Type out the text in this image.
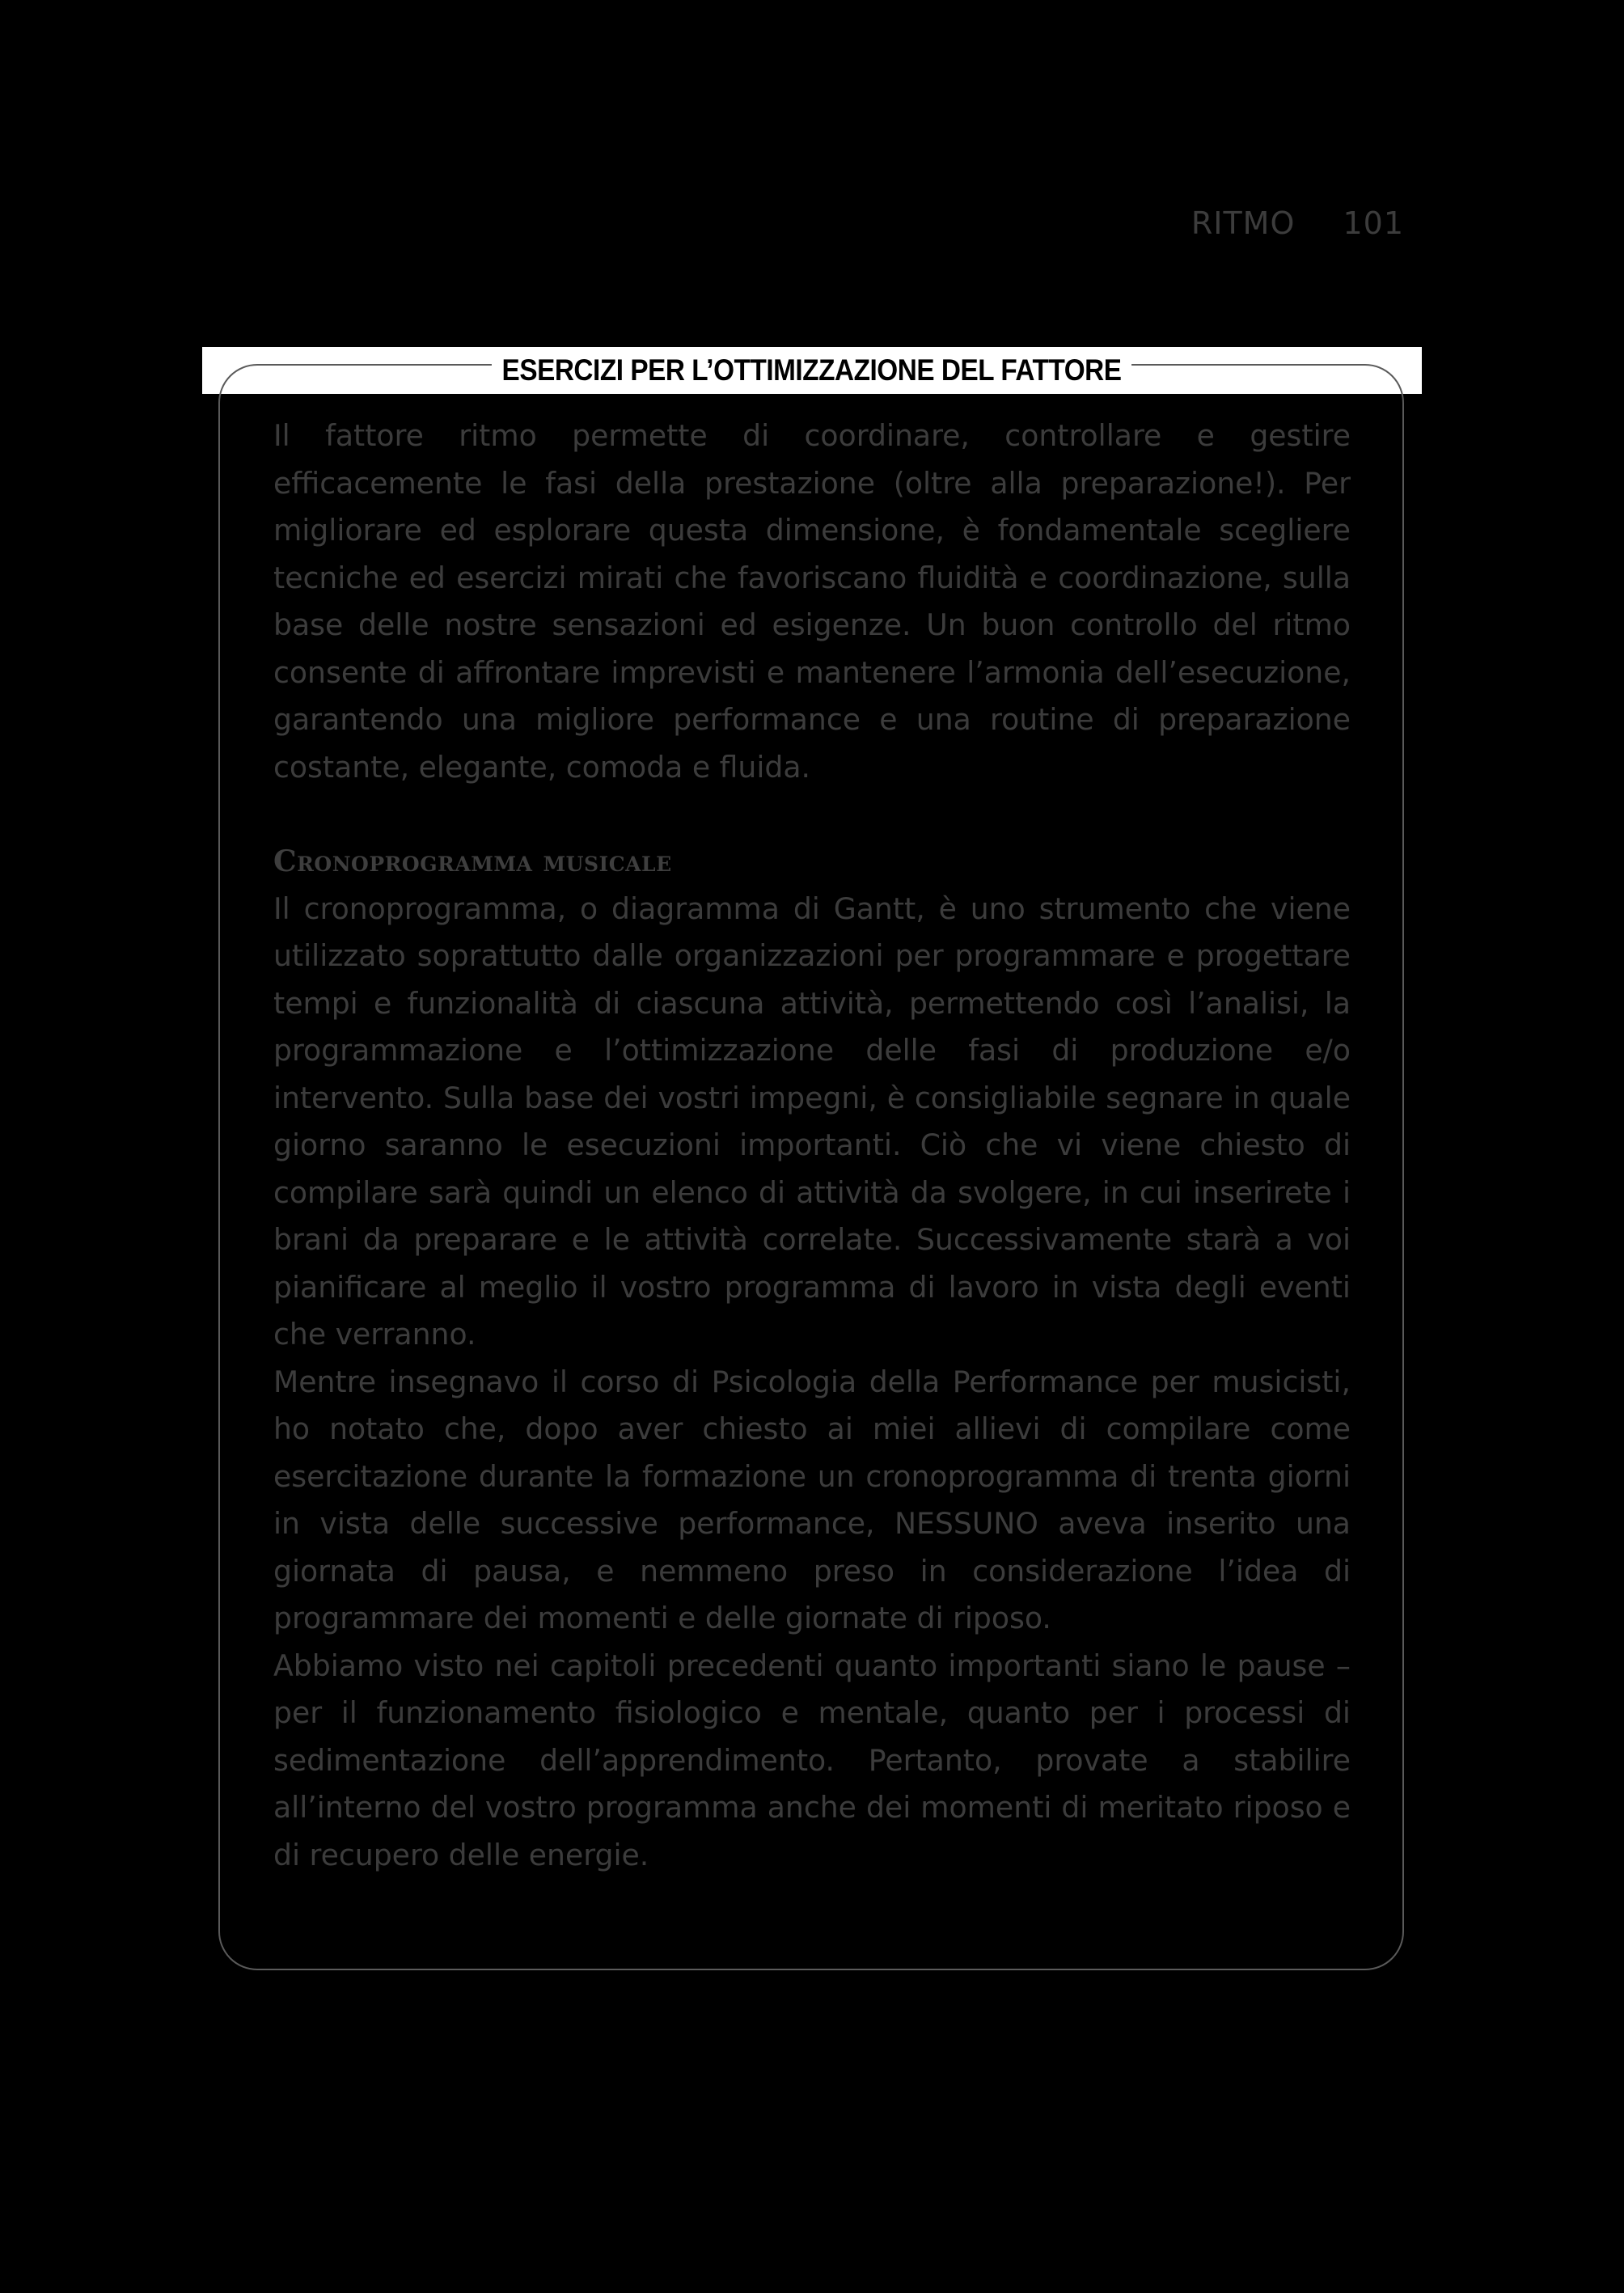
RITMO 101
ESERCIZI PER L’OTTIMIZZAZIONE DEL FATTORE

Il fattore ritmo permette di coordinare, controllare e gestire efficacemente le fasi della prestazione (oltre alla preparazione!). Per migliorare ed esplorare questa dimensione, è fondamentale scegliere tecniche ed esercizi mirati che favoriscano fluidità e coordinazione, sulla base delle nostre sensazioni ed esigenze. Un buon controllo del ritmo consente di affrontare imprevisti e mantenere l’armonia dell’esecuzione, garantendo una migliore performance e una routine di preparazione costante, elegante, comoda e fluida.

Cronoprogramma musicale

Il cronoprogramma, o diagramma di Gantt, è uno strumento che viene utilizzato soprattutto dalle organizzazioni per programmare e progettare tempi e funzionalità di ciascuna attività, permettendo così l’analisi, la programmazione e l’ottimizzazione delle fasi di produzione e/o intervento. Sulla base dei vostri impegni, è consigliabile segnare in quale giorno saranno le esecuzioni importanti. Ciò che vi viene chiesto di compilare sarà quindi un elenco di attività da svolgere, in cui inserirete i brani da preparare e le attività correlate. Successivamente starà a voi pianificare al meglio il vostro programma di lavoro in vista degli eventi che verranno.

Mentre insegnavo il corso di Psicologia della Performance per musicisti, ho notato che, dopo aver chiesto ai miei allievi di compilare come esercitazione durante la formazione un cronoprogramma di trenta giorni in vista delle successive performance, NESSUNO aveva inserito una giornata di pausa, e nemmeno preso in considerazione l’idea di programmare dei momenti e delle giornate di riposo.

Abbiamo visto nei capitoli precedenti quanto importanti siano le pause – per il funzionamento fisiologico e mentale, quanto per i processi di sedimentazione dell’apprendimento. Pertanto, provate a stabilire all’interno del vostro programma anche dei momenti di meritato riposo e di recupero delle energie.
